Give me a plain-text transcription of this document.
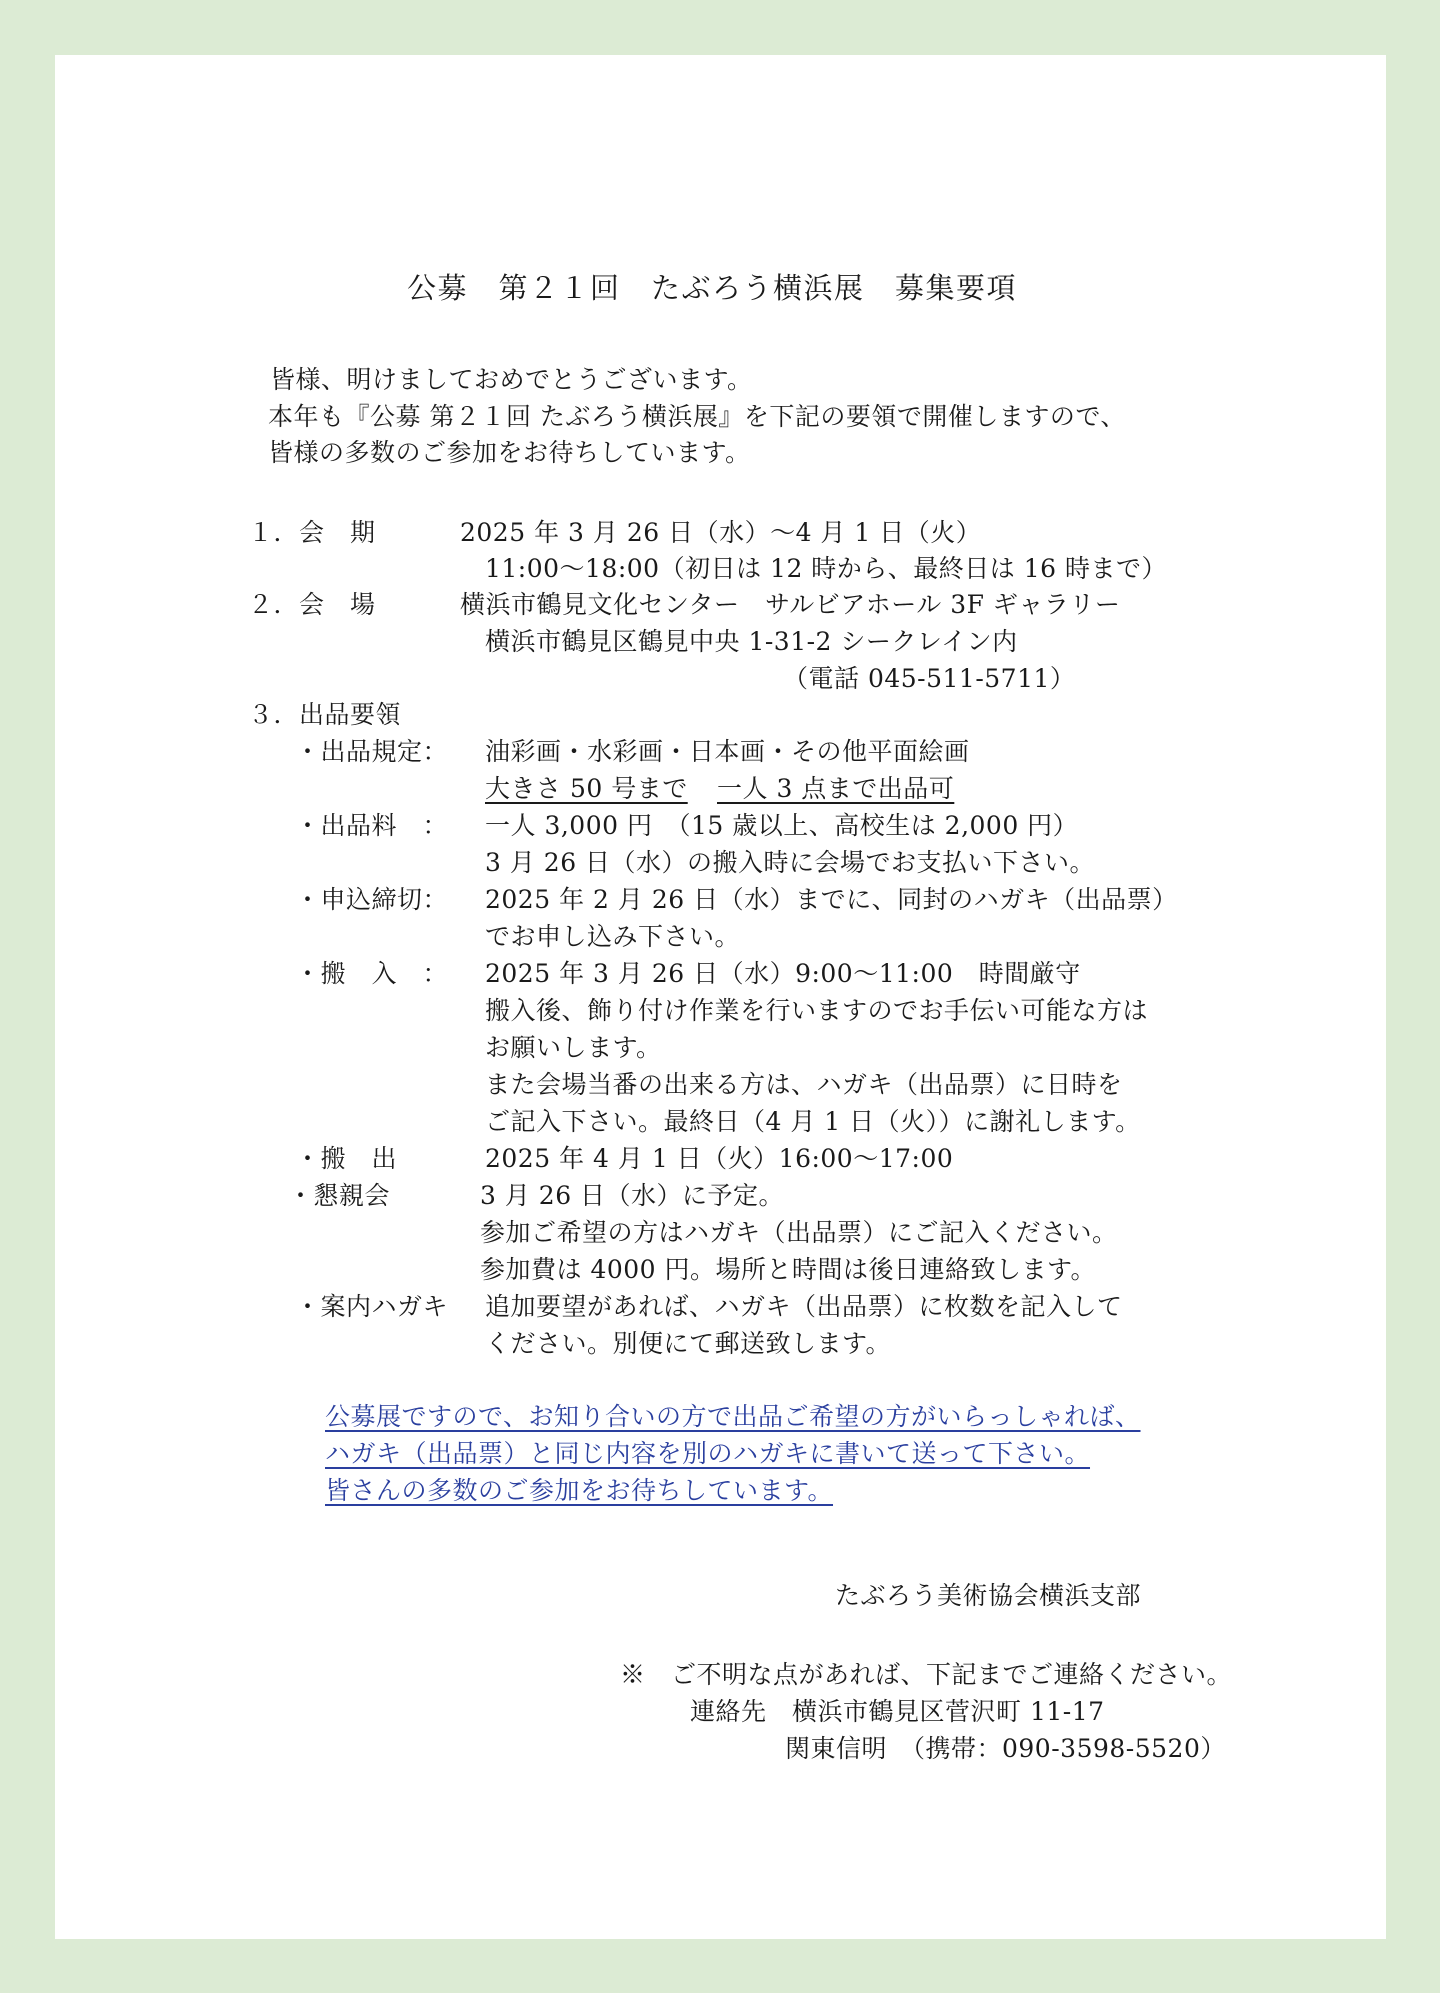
公募　第２１回　たぶろう横浜展　募集要項
皆様、明けましておめでとうございます。
本年も『公募 第２１回 たぶろう横浜展』を下記の要領で開催しますので、
皆様の多数のご参加をお待ちしています。
１．会　期	2025 年 3 月 26 日（水）～4 月 1 日（火）
11:00～18:00（初日は 12 時から、最終日は 16 時まで）
２．会　場	横浜市鶴見文化センター　サルビアホール 3F ギャラリー
横浜市鶴見区鶴見中央 1-31-2 シークレイン内
（電話 045-511-5711）
３．出品要領
・出品規定： 油彩画・水彩画・日本画・その他平面絵画
大きさ 50 号まで 一人 3 点まで出品可
・出品料　： 一人 3,000 円　（15 歳以上、高校生は 2,000 円）
3 月 26 日（水）の搬入時に会場でお支払い下さい。
・申込締切： 2025 年 2 月 26 日（水）までに、同封のハガキ（出品票）
でお申し込み下さい。
・搬　入　： 2025 年 3 月 26 日（水）9:00～11:00　時間厳守
搬入後、飾り付け作業を行いますのでお手伝い可能な方は
お願いします。
また会場当番の出来る方は、ハガキ（出品票）に日時を
ご記入下さい。最終日（4 月 1 日（火））に謝礼します。
・搬　出	2025 年 4 月 1 日（火）16:00～17:00
・懇親会	3 月 26 日（水）に予定。
参加ご希望の方はハガキ（出品票）にご記入ください。
参加費は 4000 円。場所と時間は後日連絡致します。
・案内ハガキ 追加要望があれば、ハガキ（出品票）に枚数を記入して
ください。別便にて郵送致します。
公募展ですので、お知り合いの方で出品ご希望の方がいらっしゃれば、
ハガキ（出品票）と同じ内容を別のハガキに書いて送って下さい。
皆さんの多数のご参加をお待ちしています。
たぶろう美術協会横浜支部
※　ご不明な点があれば、下記までご連絡ください。
連絡先　横浜市鶴見区菅沢町 11-17
関東信明　（携帯：090-3598-5520）
